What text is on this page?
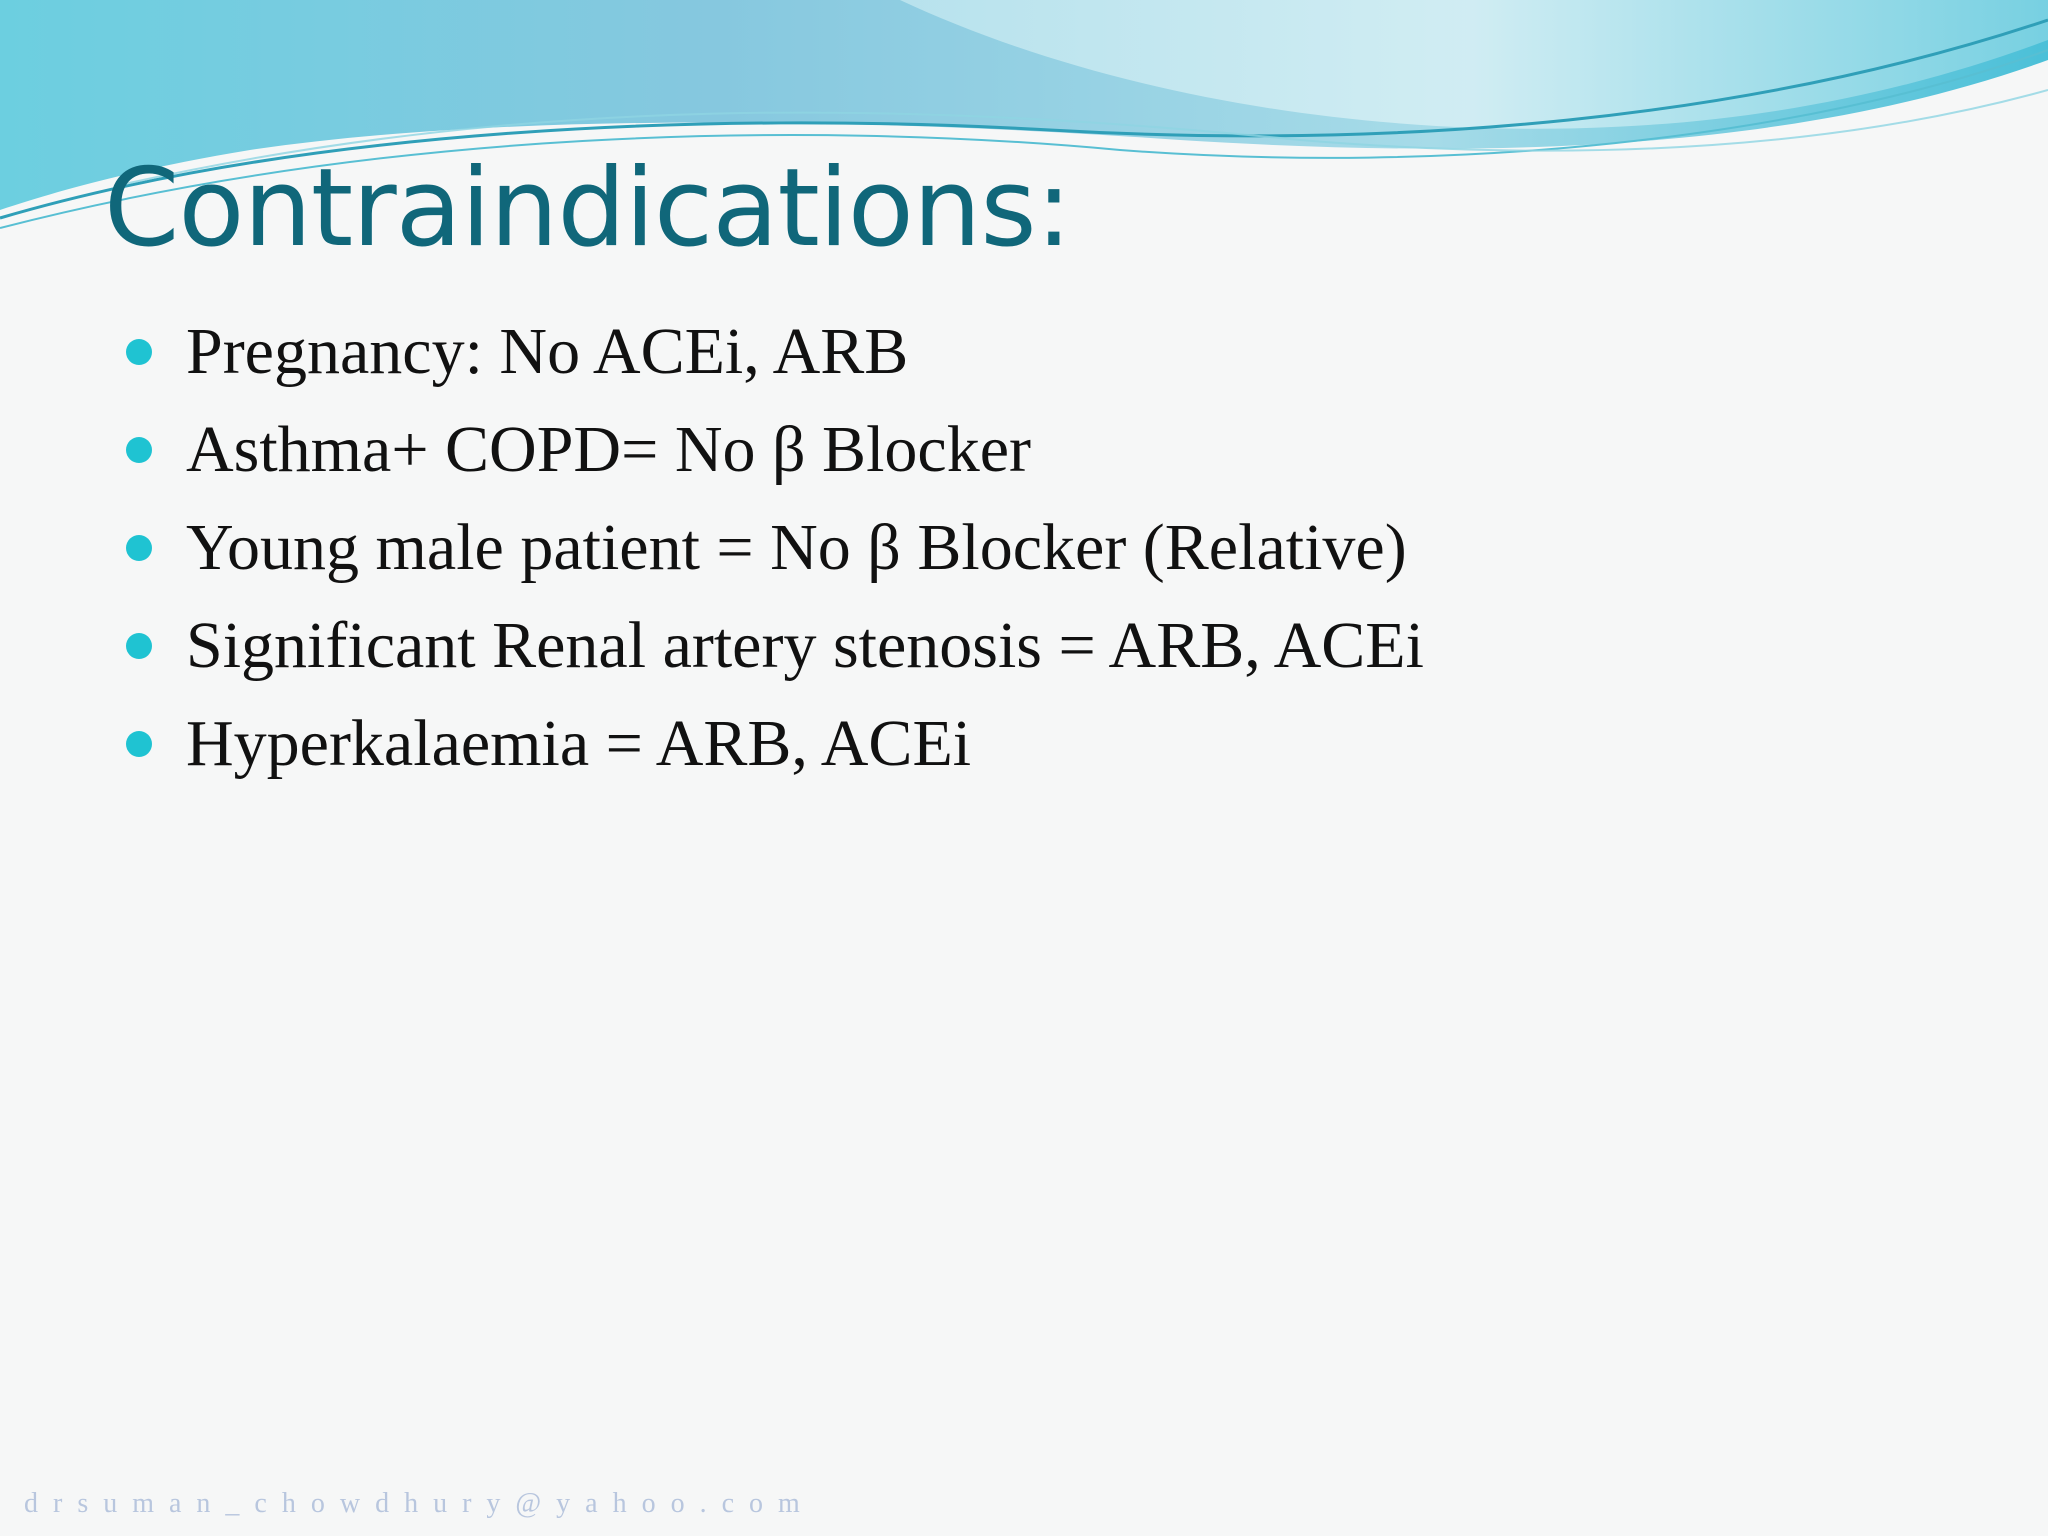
Contraindications:
Pregnancy: No ACEi, ARB
Asthma+ COPD= No β Blocker
Young male patient = No β Blocker (Relative)
Significant Renal artery stenosis = ARB, ACEi
Hyperkalaemia = ARB, ACEi
drsuman_chowdhury@yahoo.com
